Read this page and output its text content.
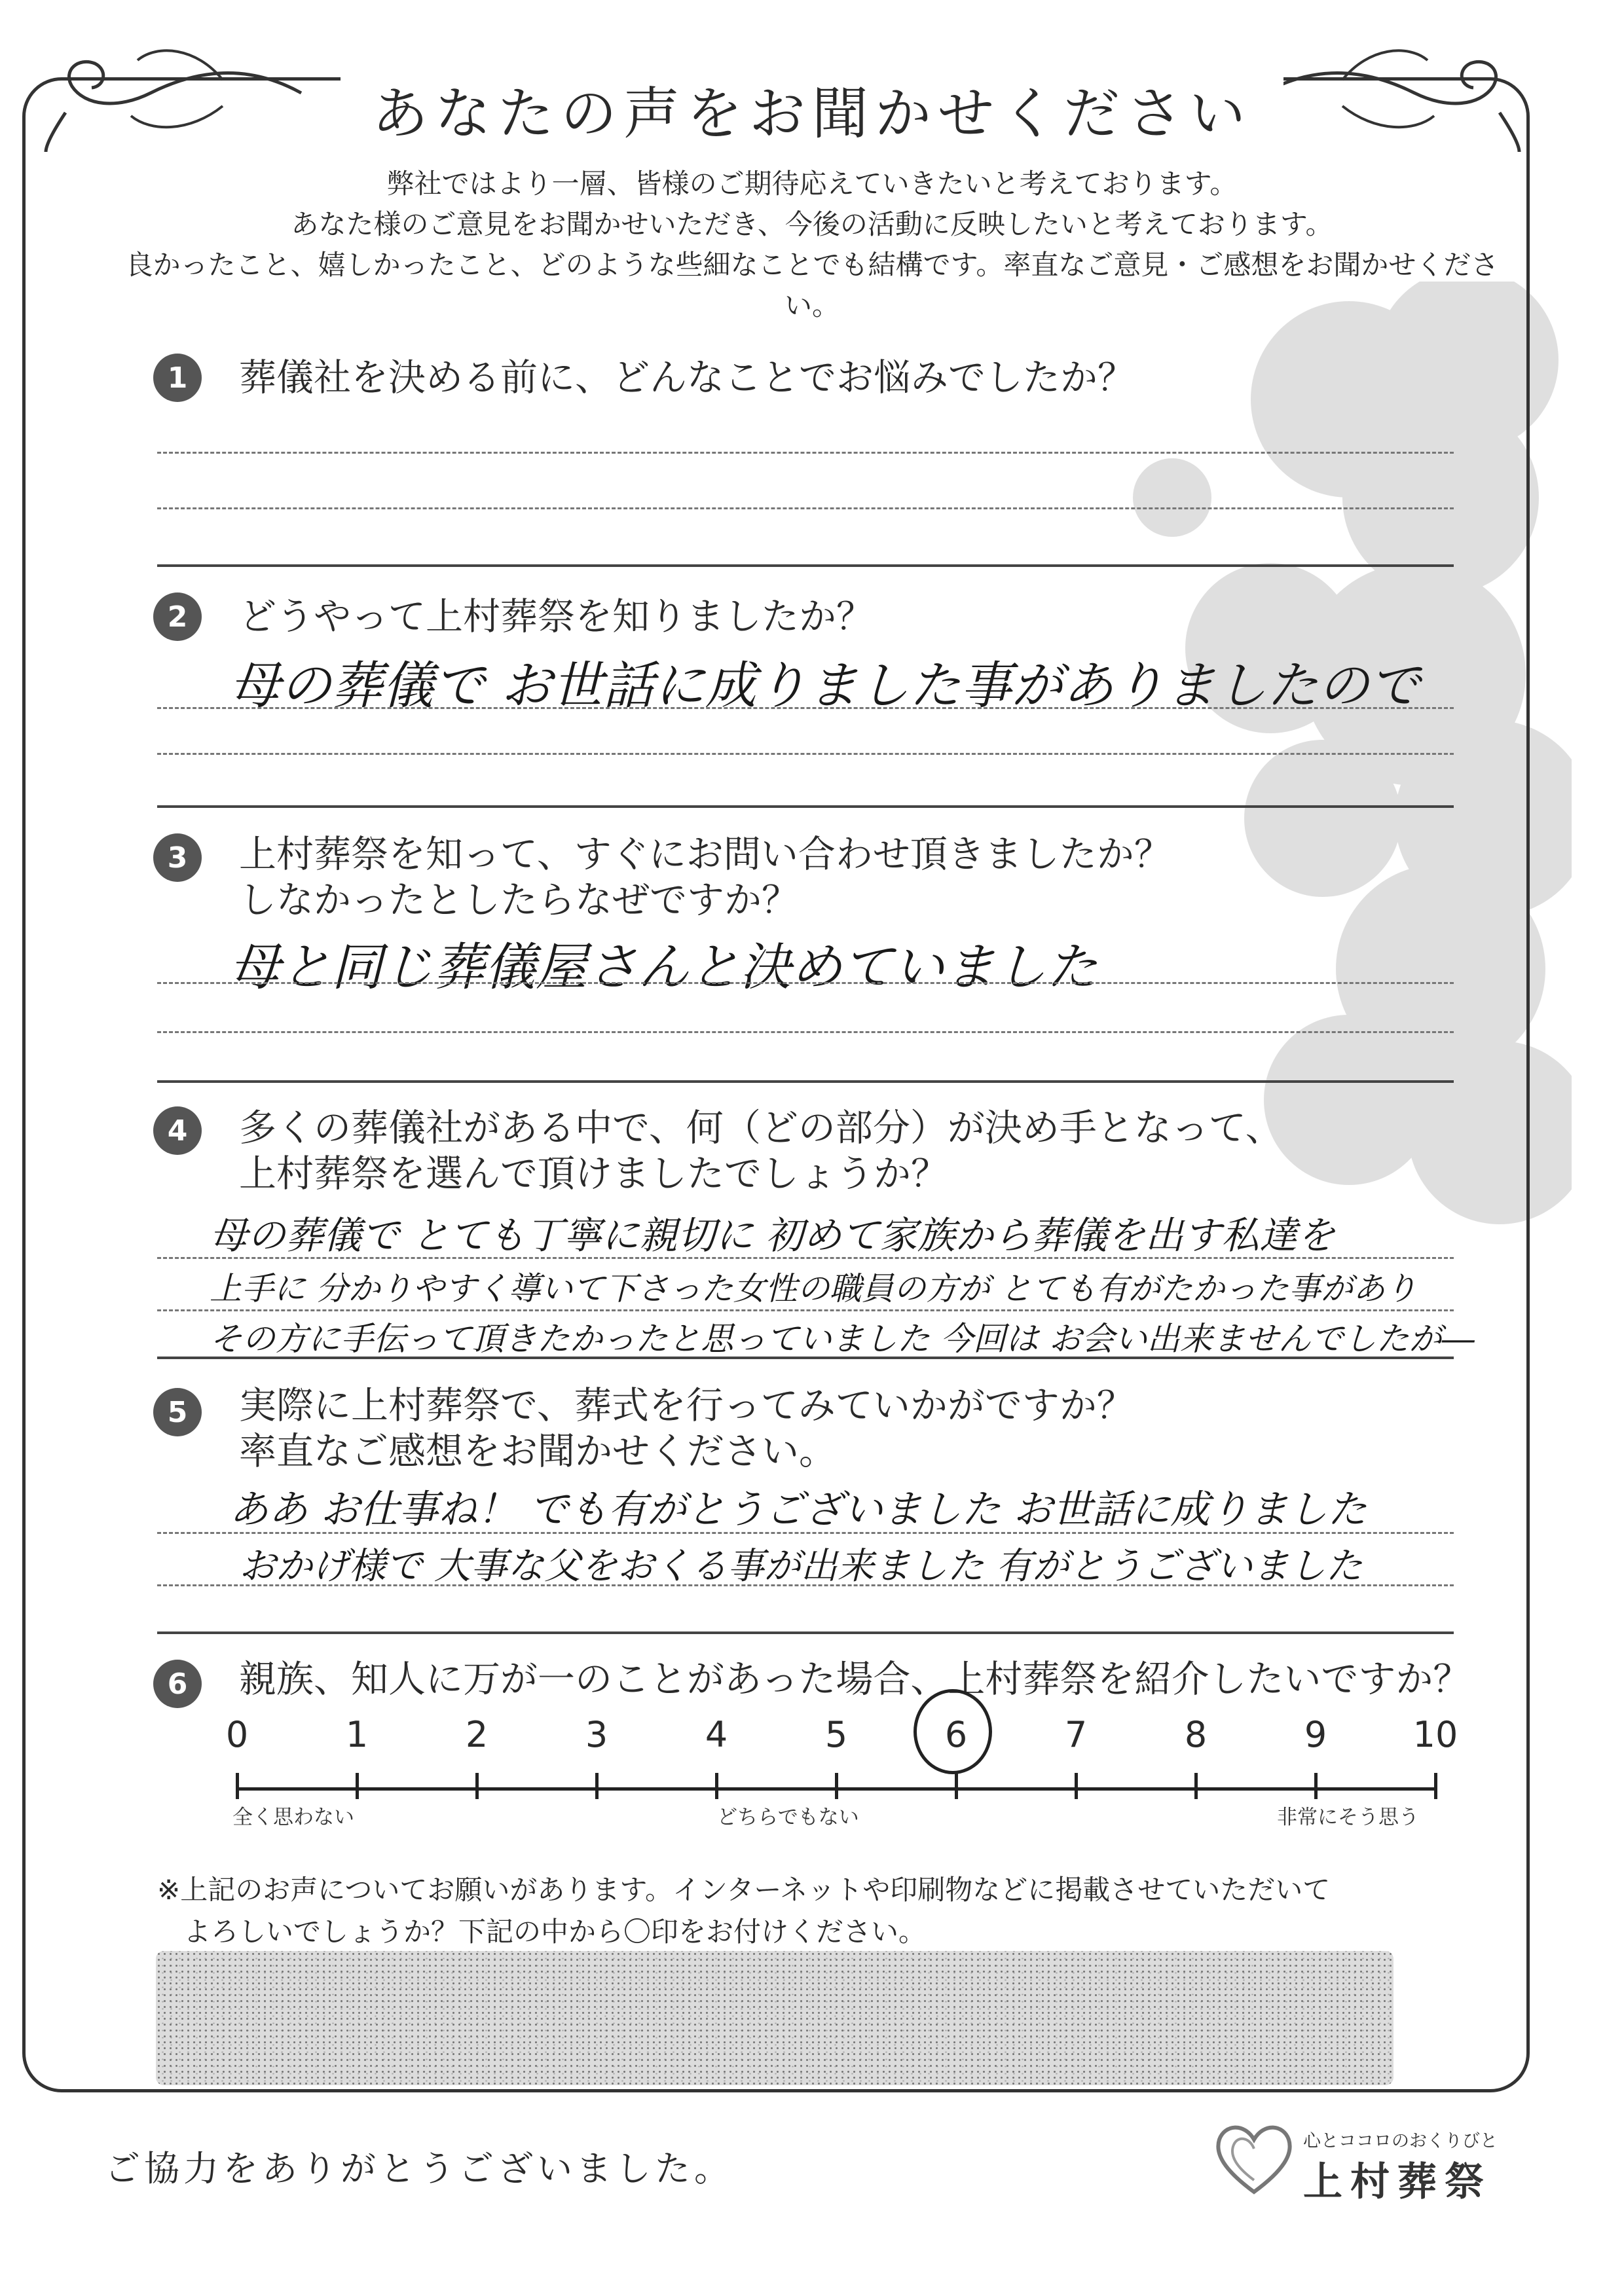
あなたの声をお聞かせください
弊社ではより一層、皆様のご期待応えていきたいと考えております。
あなた様のご意見をお聞かせいただき、今後の活動に反映したいと考えております。
良かったこと、嬉しかったこと、どのような些細なことでも結構です。率直なご意見・ご感想をお聞かせください。
1	葬儀社を決める前に、どんなことでお悩みでしたか？
2	どうやって上村葬祭を知りましたか？
母の葬儀で お世話に成りました事がありましたので
3	上村葬祭を知って、すぐにお問い合わせ頂きましたか？
しなかったとしたらなぜですか？
母と同じ葬儀屋さんと決めていました
4	多くの葬儀社がある中で、何（どの部分）が決め手となって、
上村葬祭を選んで頂けましたでしょうか？
母の葬儀で とても丁寧に親切に 初めて家族から葬儀を出す私達を
上手に 分かりやすく導いて下さった女性の職員の方が とても有がたかった事があり
その方に手伝って頂きたかったと思っていました 今回は お会い出来ませんでしたが―
5	実際に上村葬祭で、葬式を行ってみていかがですか？
率直なご感想をお聞かせください。
ああ お仕事ね！ でも有がとうございました お世話に成りました
おかげ様で 大事な父をおくる事が出来ました 有がとうございました
6	親族、知人に万が一のことがあった場合、上村葬祭を紹介したいですか？
0	1	2	3	4	5	6	7	8	9	10
全く思わない	どちらでもない	非常にそう思う
※上記のお声についてお願いがあります。インターネットや印刷物などに掲載させていただいて
よろしいでしょうか？下記の中から〇印をお付けください。
ご協力をありがとうございました。
心とココロのおくりびと
上村葬祭
